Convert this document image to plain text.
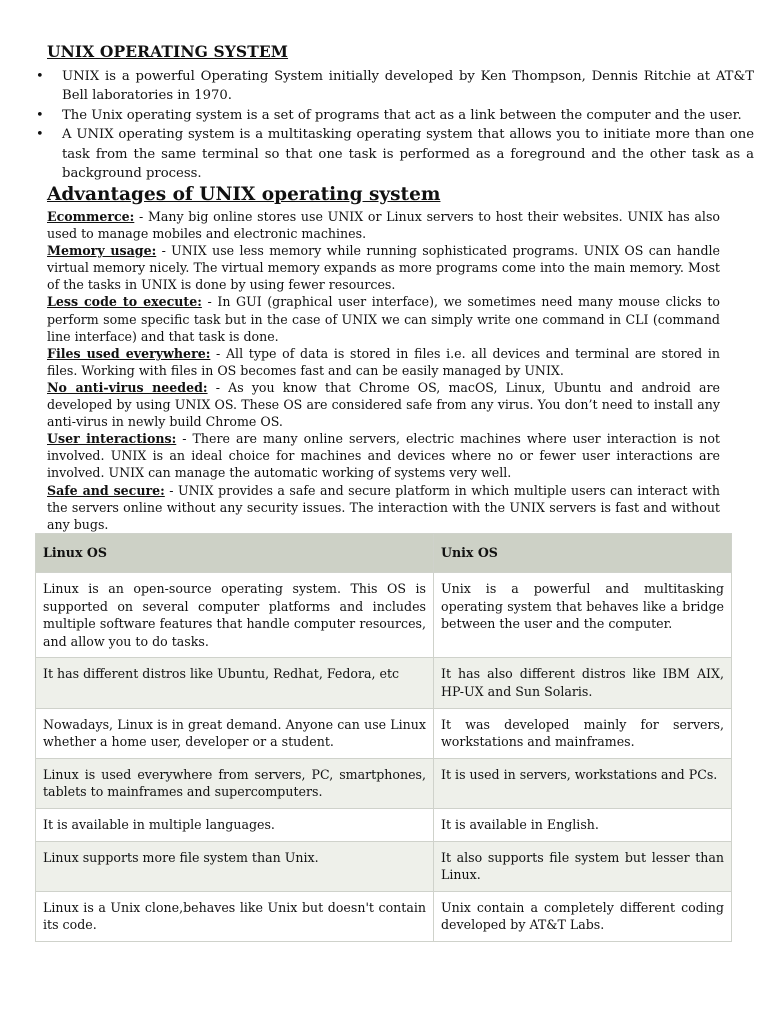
UNIX OPERATING SYSTEM
• UNIX is a powerful Operating System initially developed by Ken Thompson, Dennis Ritchie at AT&T Bell laboratories in 1970.
• The Unix operating system is a set of programs that act as a link between the computer and the user.
• A UNIX operating system is a multitasking operating system that allows you to initiate more than one task from the same terminal so that one task is performed as a foreground and the other task as a background process.
Advantages of UNIX operating system

Ecommerce: - Many big online stores use UNIX or Linux servers to host their websites. UNIX has also used to manage mobiles and electronic machines.

Memory usage: - UNIX use less memory while running sophisticated programs. UNIX OS can handle virtual memory nicely. The virtual memory expands as more programs come into the main memory. Most of the tasks in UNIX is done by using fewer resources.

Less code to execute: - In GUI (graphical user interface), we sometimes need many mouse clicks to perform some specific task but in the case of UNIX we can simply write one command in CLI (command line interface) and that task is done.

Files used everywhere: - All type of data is stored in files i.e. all devices and terminal are stored in files. Working with files in OS becomes fast and can be easily managed by UNIX.

No anti-virus needed: - As you know that Chrome OS, macOS, Linux, Ubuntu and android are developed by using UNIX OS. These OS are considered safe from any virus. You don’t need to install any anti-virus in newly build Chrome OS.

User interactions: - There are many online servers, electric machines where user interaction is not involved. UNIX is an ideal choice for machines and devices where no or fewer user interactions are involved. UNIX can manage the automatic working of systems very well.

Safe and secure: - UNIX provides a safe and secure platform in which multiple users can interact with the servers online without any security issues. The interaction with the UNIX servers is fast and without any bugs.

Linux OS	Unix OS
Linux is an open-source operating system. This OS is supported on several computer platforms and includes multiple software features that handle computer resources, and allow you to do tasks.	Unix is a powerful and multitasking operating system that behaves like a bridge between the user and the computer.
It has different distros like Ubuntu, Redhat, Fedora, etc	It has also different distros like IBM AIX, HP-UX and Sun Solaris.
Nowadays, Linux is in great demand. Anyone can use Linux whether a home user, developer or a student.	It was developed mainly for servers, workstations and mainframes.
Linux is used everywhere from servers, PC, smartphones, tablets to mainframes and supercomputers.	It is used in servers, workstations and PCs.
It is available in multiple languages.	It is available in English.
Linux supports more file system than Unix.	It also supports file system but lesser than Linux.
Linux is a Unix clone,behaves like Unix but doesn't contain its code.	Unix contain a completely different coding developed by AT&T Labs.
